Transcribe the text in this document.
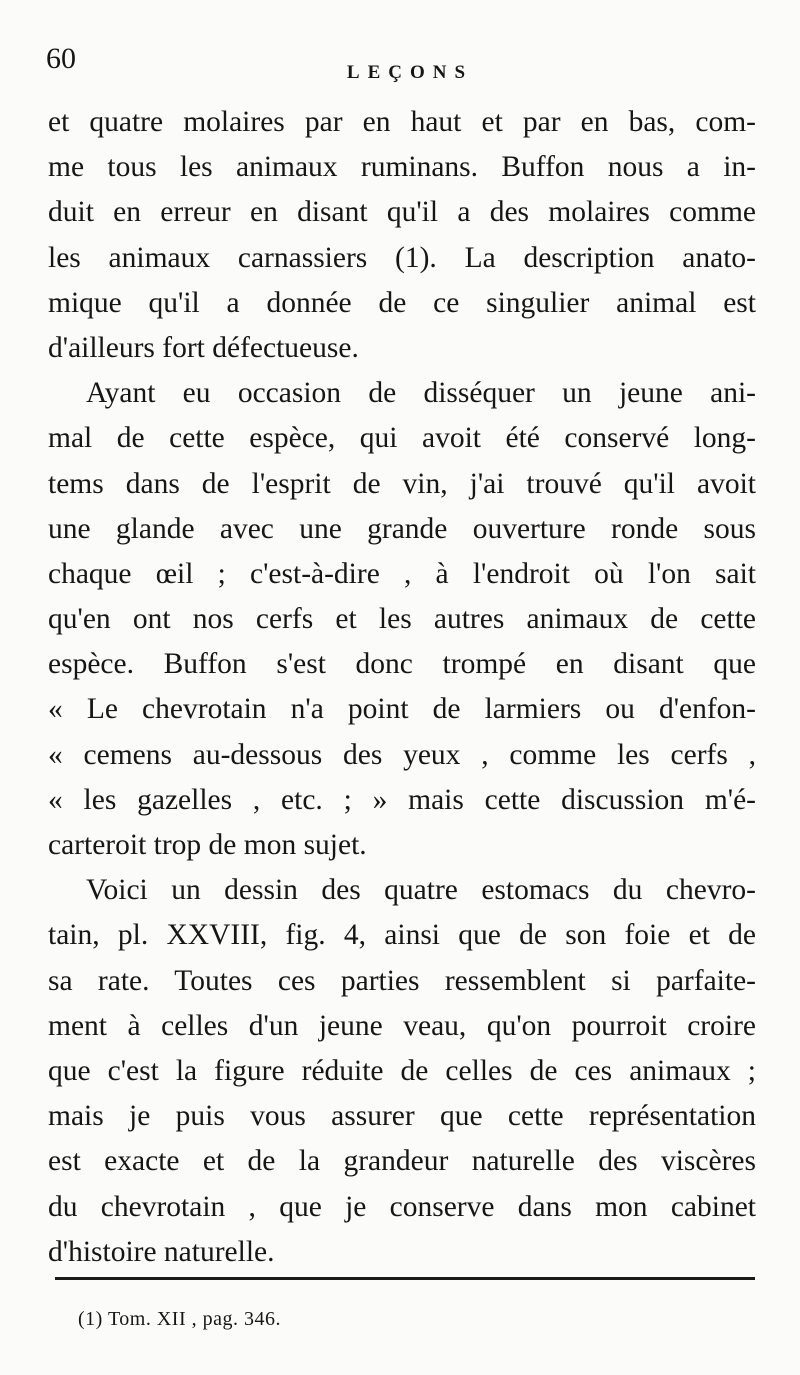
60	LEÇONS
et quatre molaires par en haut et par en bas, com-
me tous les animaux ruminans. Buffon nous a in-
duit en erreur en disant qu'il a des molaires comme
les animaux carnassiers (1). La description anato-
mique qu'il a donnée de ce singulier animal est
d'ailleurs fort défectueuse.
Ayant eu occasion de disséquer un jeune ani-
mal de cette espèce, qui avoit été conservé long-
tems dans de l'esprit de vin, j'ai trouvé qu'il avoit
une glande avec une grande ouverture ronde sous
chaque œil ; c'est-à-dire , à l'endroit où l'on sait
qu'en ont nos cerfs et les autres animaux de cette
espèce. Buffon s'est donc trompé en disant que
« Le chevrotain n'a point de larmiers ou d'enfon-
« cemens au-dessous des yeux , comme les cerfs ,
« les gazelles , etc. ; » mais cette discussion m'é-
carteroit trop de mon sujet.
Voici un dessin des quatre estomacs du chevro-
tain, pl. XXVIII, fig. 4, ainsi que de son foie et de
sa rate. Toutes ces parties ressemblent si parfaite-
ment à celles d'un jeune veau, qu'on pourroit croire
que c'est la figure réduite de celles de ces animaux ;
mais je puis vous assurer que cette représentation
est exacte et de la grandeur naturelle des viscères
du chevrotain , que je conserve dans mon cabinet
d'histoire naturelle.
(1) Tom. XII , pag. 346.
